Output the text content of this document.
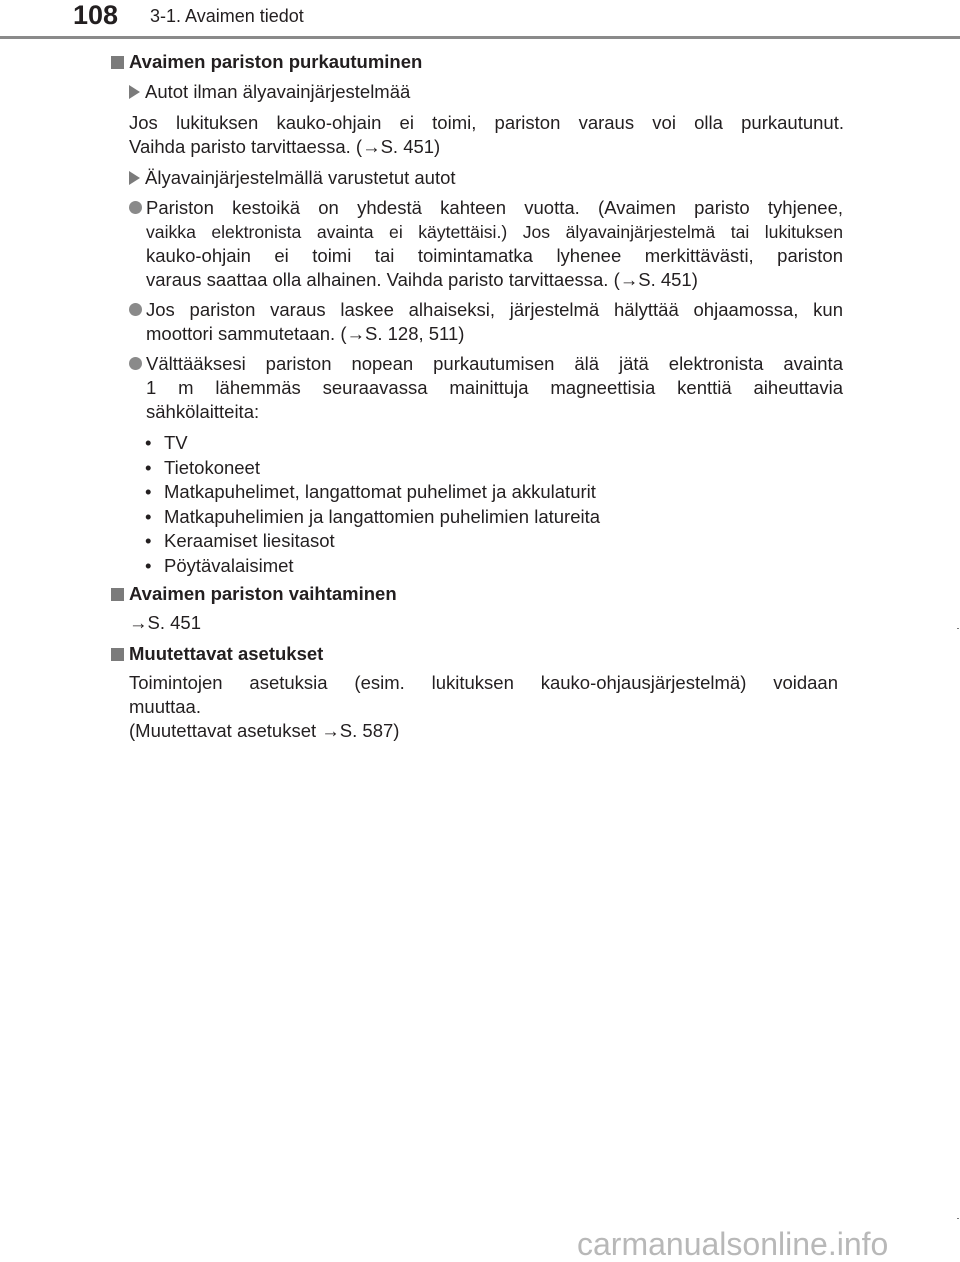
108 3-1. Avaimen tiedot
Avaimen pariston purkautuminen
Autot ilman älyavainjärjestelmää
Jos lukituksen kauko-ohjain ei toimi, pariston varaus voi olla purkautunut.
Vaihda paristo tarvittaessa. (→S. 451)
Älyavainjärjestelmällä varustetut autot
Pariston kestoikä on yhdestä kahteen vuotta. (Avaimen paristo tyhjenee,
vaikka elektronista avainta ei käytettäisi.) Jos älyavainjärjestelmä tai lukituksen
kauko-ohjain ei toimi tai toimintamatka lyhenee merkittävästi, pariston
varaus saattaa olla alhainen. Vaihda paristo tarvittaessa. (→S. 451)
Jos pariston varaus laskee alhaiseksi, järjestelmä hälyttää ohjaamossa, kun
moottori sammutetaan. (→S. 128, 511)
Välttääksesi pariston nopean purkautumisen älä jätä elektronista avainta
1 m lähemmäs seuraavassa mainittuja magneettisia kenttiä aiheuttavia
sähkölaitteita:
• TV
• Tietokoneet
• Matkapuhelimet, langattomat puhelimet ja akkulaturit
• Matkapuhelimien ja langattomien puhelimien latureita
• Keraamiset liesitasot
• Pöytävalaisimet
Avaimen pariston vaihtaminen
→S. 451
Muutettavat asetukset
Toimintojen asetuksia (esim. lukituksen kauko-ohjausjärjestelmä) voidaan
muuttaa.
(Muutettavat asetukset →S. 587)
carmanualsonline.info
